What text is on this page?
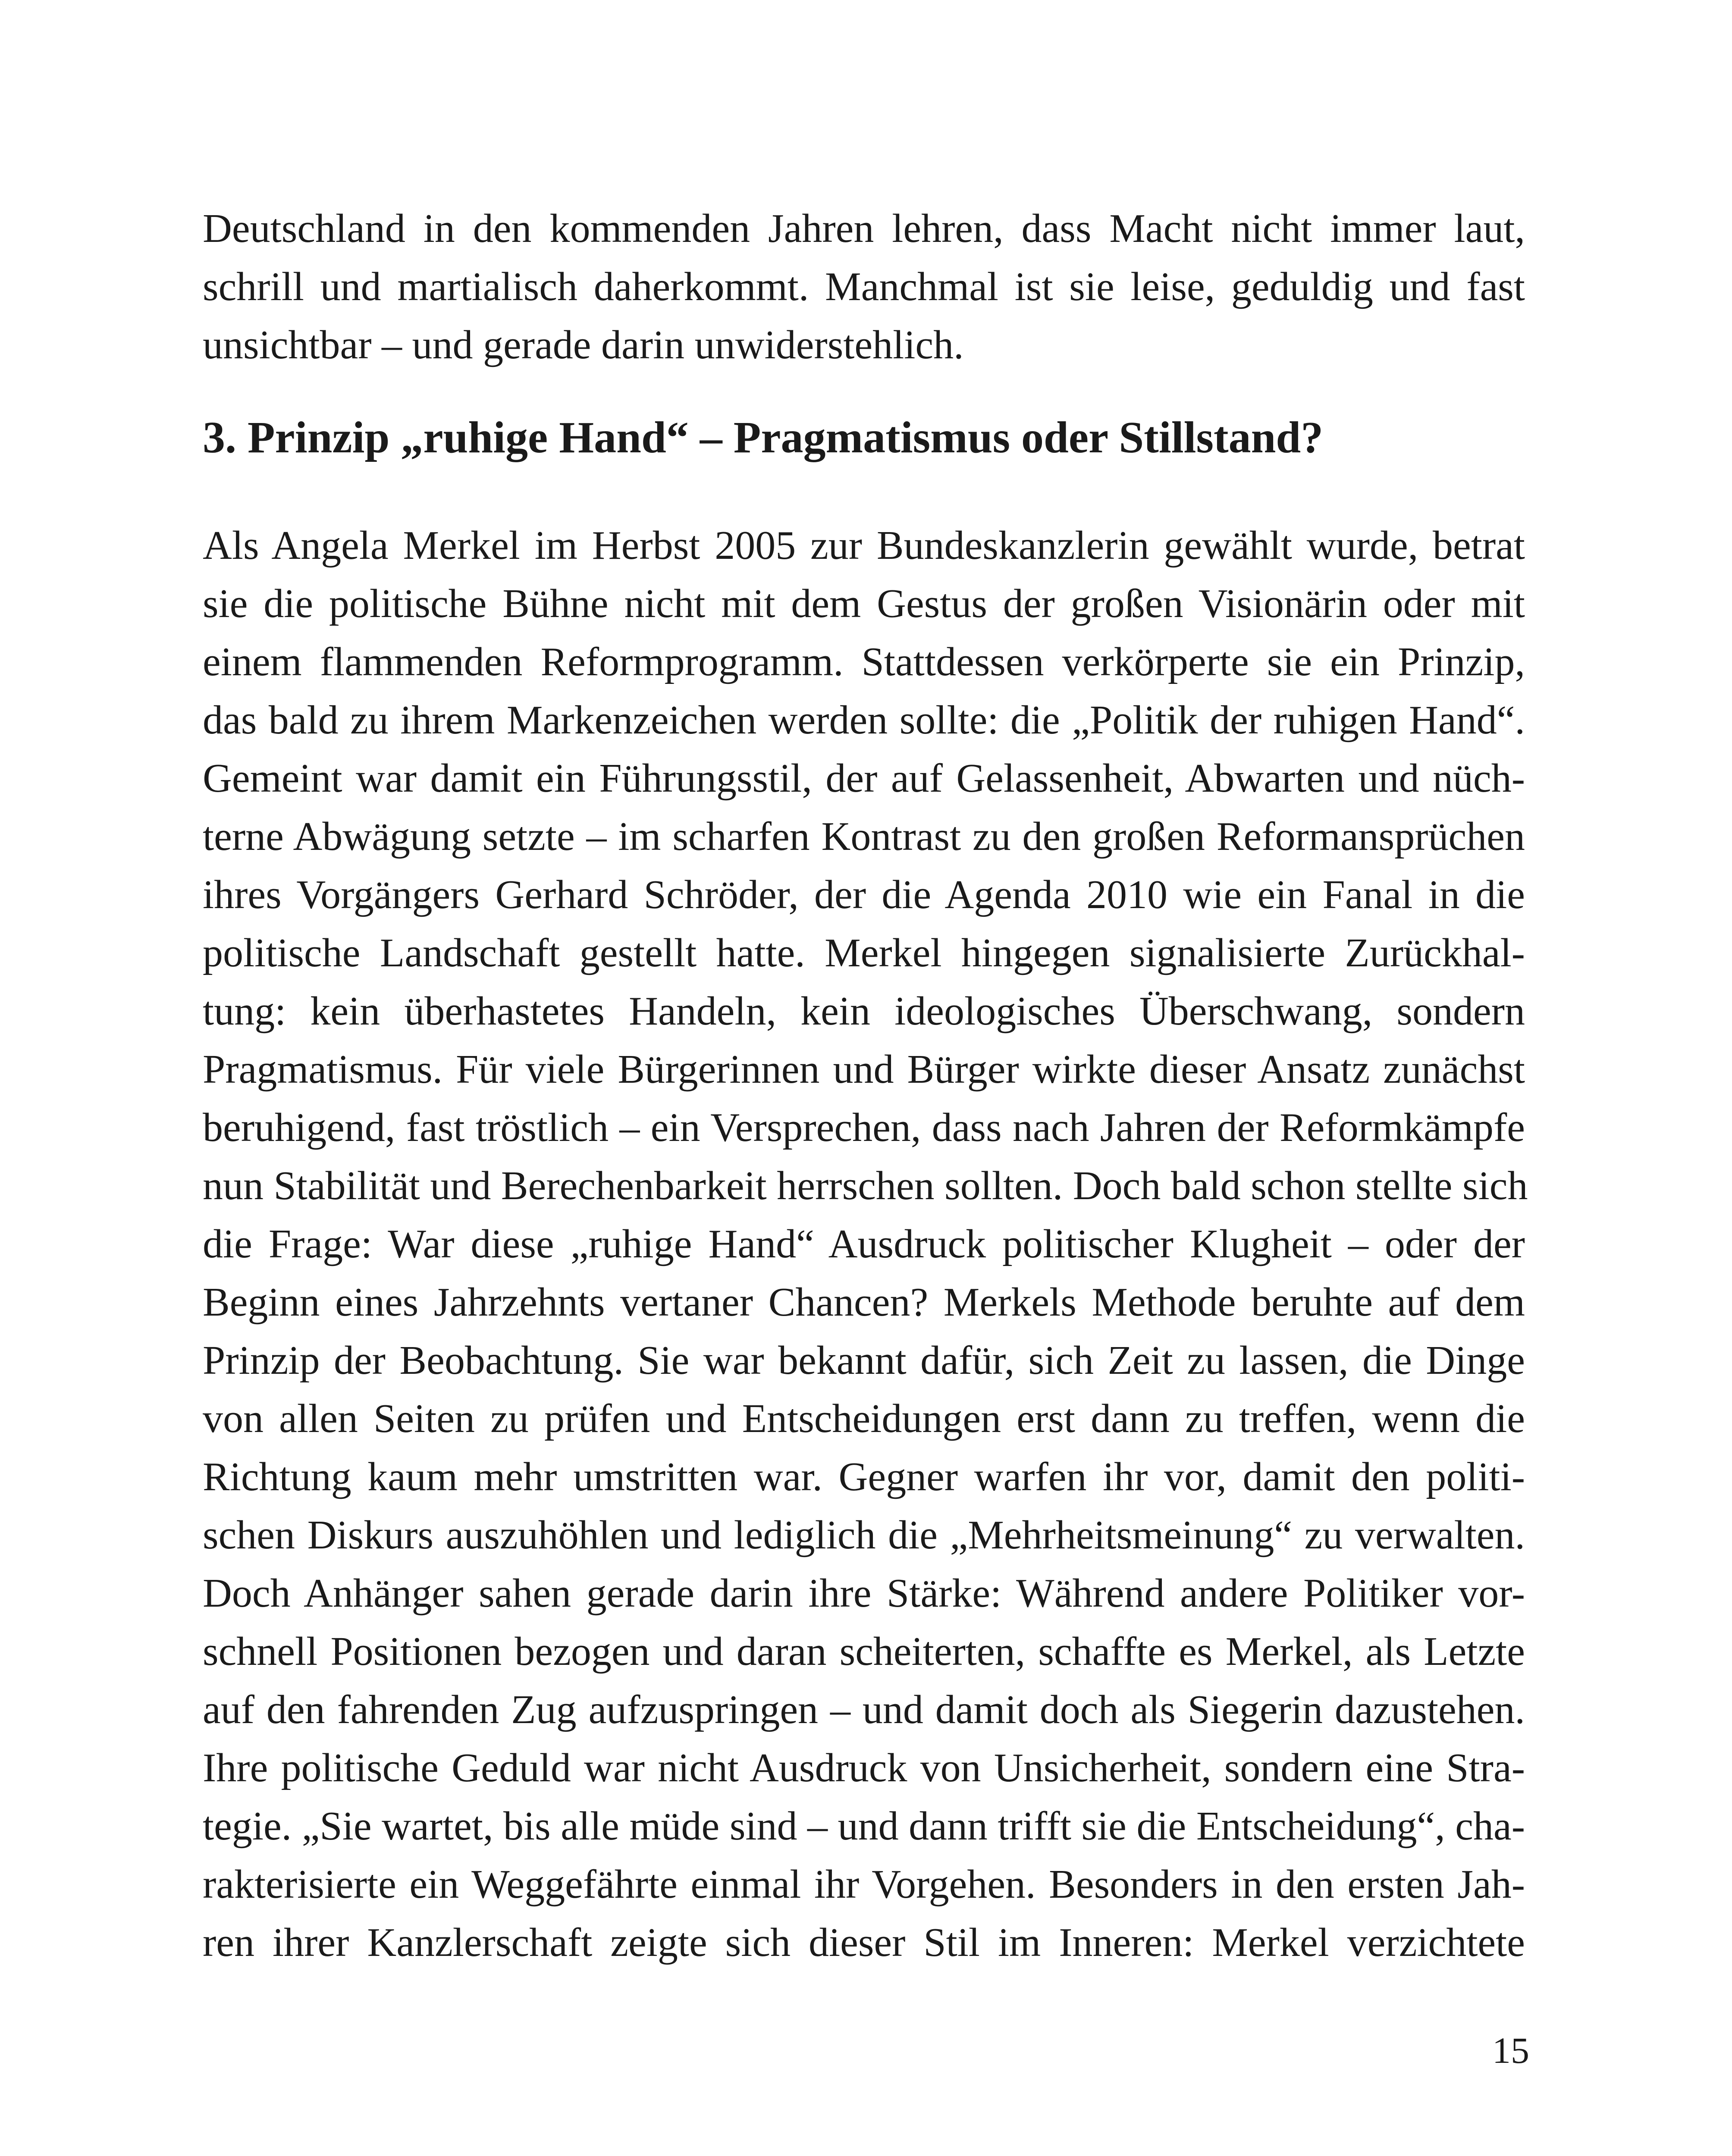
Deutschland in den kommenden Jahren lehren, dass Macht nicht immer laut,
schrill und martialisch daherkommt. Manchmal ist sie leise, geduldig und fast
unsichtbar – und gerade darin unwiderstehlich.
3. Prinzip „ruhige Hand“ – Pragmatismus oder Stillstand?
Als Angela Merkel im Herbst 2005 zur Bundeskanzlerin gewählt wurde, betrat
sie die politische Bühne nicht mit dem Gestus der großen Visionärin oder mit
einem flammenden Reformprogramm. Stattdessen verkörperte sie ein Prinzip,
das bald zu ihrem Markenzeichen werden sollte: die „Politik der ruhigen Hand“.
Gemeint war damit ein Führungsstil, der auf Gelassenheit, Abwarten und nüch-
terne Abwägung setzte – im scharfen Kontrast zu den großen Reformansprüchen
ihres Vorgängers Gerhard Schröder, der die Agenda 2010 wie ein Fanal in die
politische Landschaft gestellt hatte. Merkel hingegen signalisierte Zurückhal-
tung: kein überhastetes Handeln, kein ideologisches Überschwang, sondern
Pragmatismus. Für viele Bürgerinnen und Bürger wirkte dieser Ansatz zunächst
beruhigend, fast tröstlich – ein Versprechen, dass nach Jahren der Reformkämpfe
nun Stabilität und Berechenbarkeit herrschen sollten. Doch bald schon stellte sich
die Frage: War diese „ruhige Hand“ Ausdruck politischer Klugheit – oder der
Beginn eines Jahrzehnts vertaner Chancen? Merkels Methode beruhte auf dem
Prinzip der Beobachtung. Sie war bekannt dafür, sich Zeit zu lassen, die Dinge
von allen Seiten zu prüfen und Entscheidungen erst dann zu treffen, wenn die
Richtung kaum mehr umstritten war. Gegner warfen ihr vor, damit den politi-
schen Diskurs auszuhöhlen und lediglich die „Mehrheitsmeinung“ zu verwalten.
Doch Anhänger sahen gerade darin ihre Stärke: Während andere Politiker vor-
schnell Positionen bezogen und daran scheiterten, schaffte es Merkel, als Letzte
auf den fahrenden Zug aufzuspringen – und damit doch als Siegerin dazustehen.
Ihre politische Geduld war nicht Ausdruck von Unsicherheit, sondern eine Stra-
tegie. „Sie wartet, bis alle müde sind – und dann trifft sie die Entscheidung“, cha-
rakterisierte ein Weggefährte einmal ihr Vorgehen. Besonders in den ersten Jah-
ren ihrer Kanzlerschaft zeigte sich dieser Stil im Inneren: Merkel verzichtete
15
